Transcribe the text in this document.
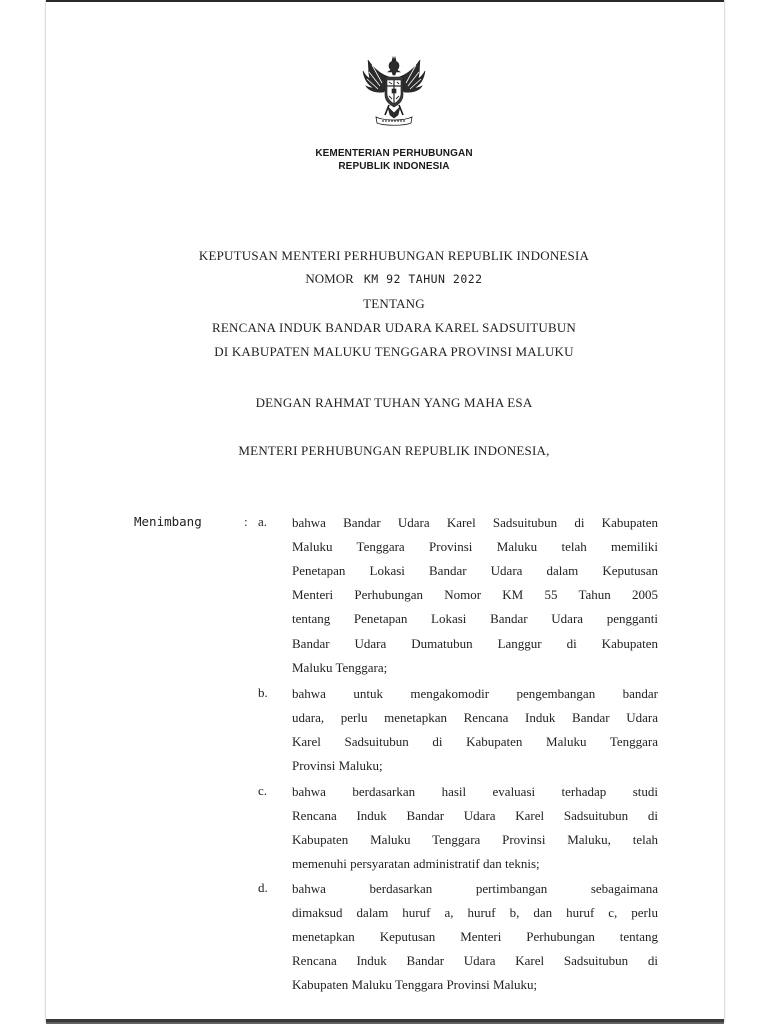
KEMENTERIAN PERHUBUNGAN
REPUBLIK INDONESIA
KEPUTUSAN MENTERI PERHUBUNGAN REPUBLIK INDONESIA
NOMOR KM 92 TAHUN 2022
TENTANG
RENCANA INDUK BANDAR UDARA KAREL SADSUITUBUN
DI KABUPATEN MALUKU TENGGARA PROVINSI MALUKU
DENGAN RAHMAT TUHAN YANG MAHA ESA
MENTERI PERHUBUNGAN REPUBLIK INDONESIA,
Menimbang	: a. bahwa Bandar Udara Karel Sadsuitubun di Kabupaten
Maluku Tenggara Provinsi Maluku telah memiliki
Penetapan Lokasi Bandar Udara dalam Keputusan
Menteri Perhubungan Nomor KM 55 Tahun 2005
tentang Penetapan Lokasi Bandar Udara pengganti
Bandar Udara Dumatubun Langgur di Kabupaten
Maluku Tenggara;
b. bahwa untuk mengakomodir pengembangan bandar
udara, perlu menetapkan Rencana Induk Bandar Udara
Karel Sadsuitubun di Kabupaten Maluku Tenggara
Provinsi Maluku;
c. bahwa berdasarkan hasil evaluasi terhadap studi
Rencana Induk Bandar Udara Karel Sadsuitubun di
Kabupaten Maluku Tenggara Provinsi Maluku, telah
memenuhi persyaratan administratif dan teknis;
d. bahwa berdasarkan pertimbangan sebagaimana
dimaksud dalam huruf a, huruf b, dan huruf c, perlu
menetapkan Keputusan Menteri Perhubungan tentang
Rencana Induk Bandar Udara Karel Sadsuitubun di
Kabupaten Maluku Tenggara Provinsi Maluku;
